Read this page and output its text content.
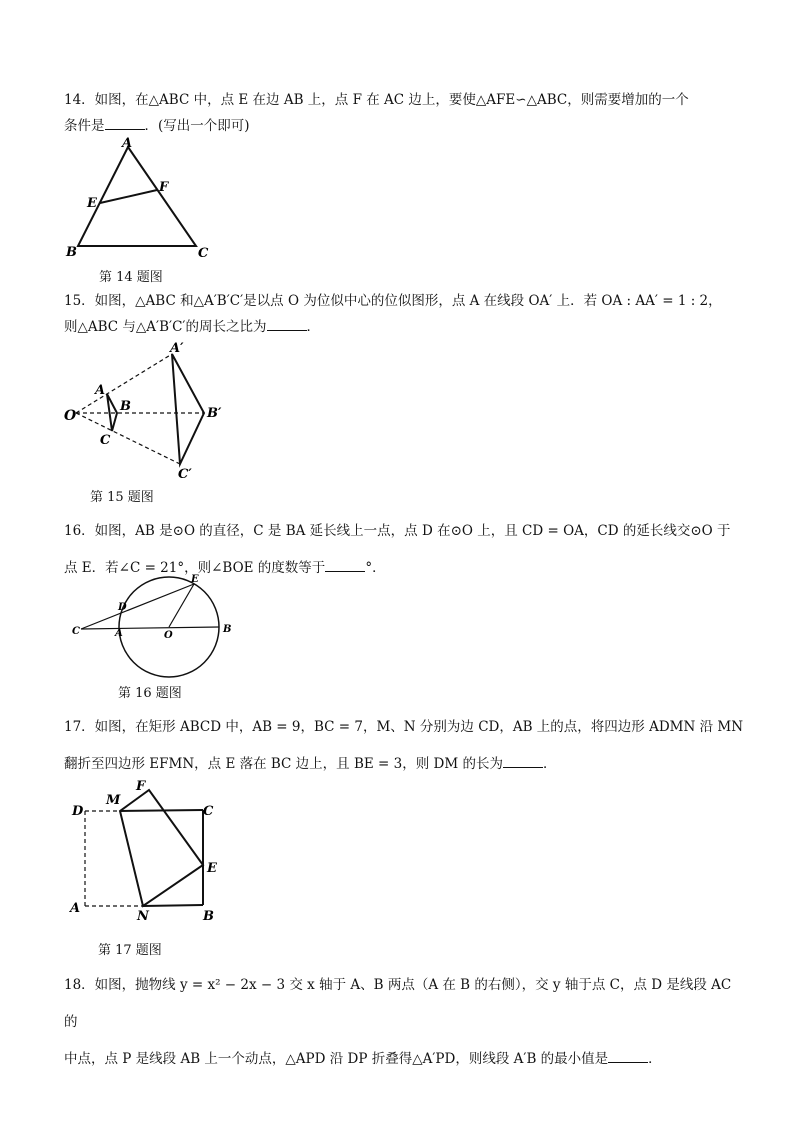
14．如图，在△ABC 中，点 E 在边 AB 上，点 F 在 AC 边上，要使△AFE∽△ABC，则需要增加的一个
条件是	．(写出一个即可)
A
E
F
B	C
第 14 题图
15．如图，△ABC 和△A′B′C′是以点 O 为位似中心的位似图形，点 A 在线段 OA′ 上．若 OA : AA′ = 1 : 2，
则△ABC 与△A′B′C′的周长之比为	．
O
A
B
C
A′
B′
C′
第 15 题图
16．如图，AB 是⊙O 的直径，C 是 BA 延长线上一点，点 D 在⊙O 上，且 CD = OA，CD 的延长线交⊙O 于
点 E．若∠C = 21°，则∠BOE 的度数等于	°．
C	A
D
O
B
E
第 16 题图
17．如图，在矩形 ABCD 中，AB = 9，BC = 7，M、N 分别为边 CD，AB 上的点，将四边形 ADMN 沿 MN
翻折至四边形 EFMN，点 E 落在 BC 边上，且 BE = 3，则 DM 的长为	．
D
M
F
C
E
A
N	B
第 17 题图
18．如图，抛物线 y = x² − 2x − 3 交 x 轴于 A、B 两点（A 在 B 的右侧），交 y 轴于点 C，点 D 是线段 AC 的
中点，点 P 是线段 AB 上一个动点，△APD 沿 DP 折叠得△A′PD，则线段 A′B 的最小值是	．
